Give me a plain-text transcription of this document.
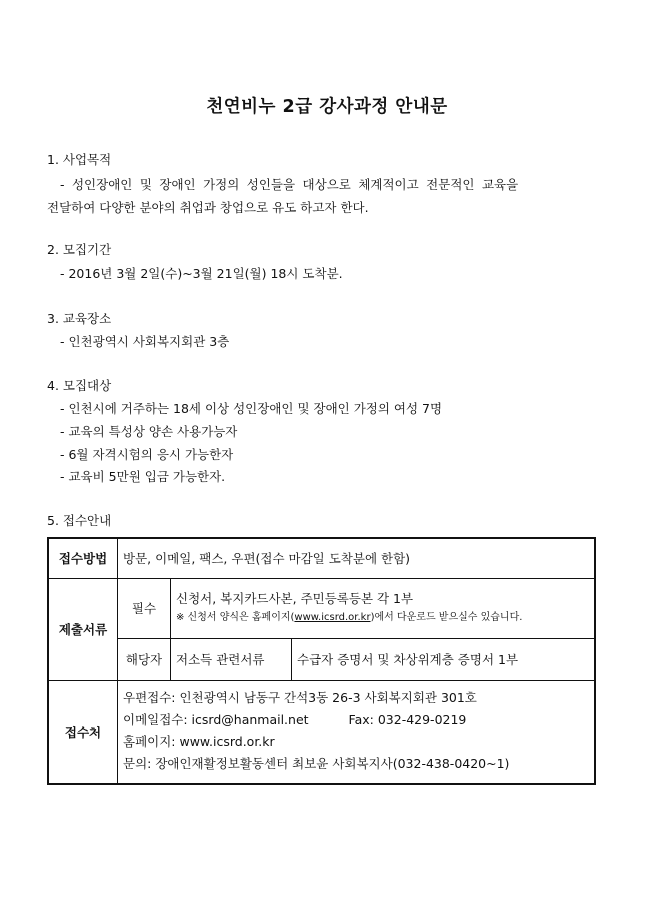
천연비누 2급 강사과정 안내문
1. 사업목적
- 성인장애인 및 장애인 가정의 성인들을 대상으로 체계적이고 전문적인 교육을
전달하여 다양한 분야의 취업과 창업으로 유도 하고자 한다.
2. 모집기간
- 2016년 3월 2일(수)~3월 21일(월) 18시 도착분.
3. 교육장소
- 인천광역시 사회복지회관 3층
4. 모집대상
- 인천시에 거주하는 18세 이상 성인장애인 및 장애인 가정의 여성 7명
- 교육의 특성상 양손 사용가능자
- 6월 자격시험의 응시 가능한자
- 교육비 5만원 입금 가능한자.
5. 접수안내
접수방법	방문, 이메일, 팩스, 우편(접수 마감일 도착분에 한함)		
제출서류	필수	신청서, 복지카드사본, 주민등록등본 각 1부
※ 신청서 양식은 홈페이지(www.icsrd.or.kr)에서 다운로드 받으실수 있습니다.	

	해당자	저소득 관련서류	수급자 증명서 및 차상위계층 증명서 1부
접수처	우편접수: 인천광역시 남동구 간석3동 26-3 사회복지회관 301호
이메일접수: icsrd@hanmail.net Fax: 032-429-0219
홈페이지: www.icsrd.or.kr
문의: 장애인재활정보활동센터 최보윤 사회복지사(032-438-0420~1)		
